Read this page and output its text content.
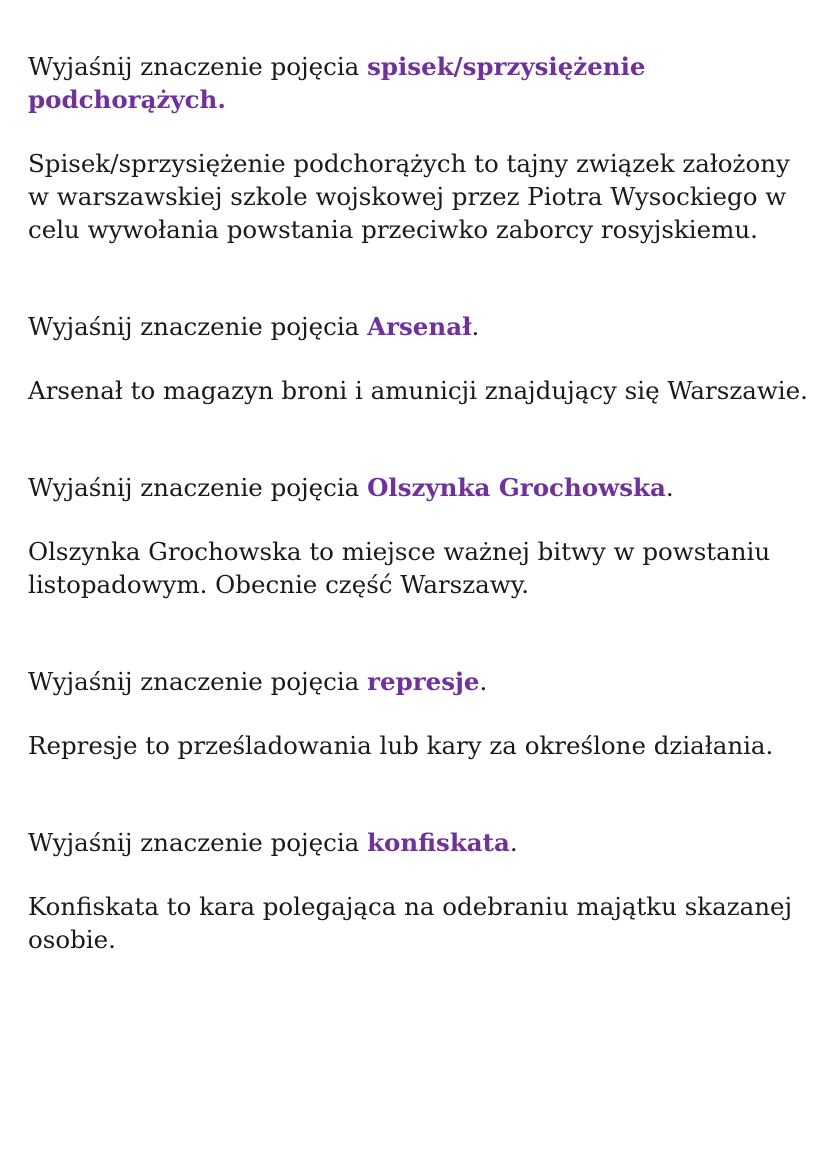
Wyjaśnij znaczenie pojęcia spisek/sprzysiężenie podchorążych.

Spisek/sprzysiężenie podchorążych to tajny związek założony w warszawskiej szkole wojskowej przez Piotra Wysockiego w celu wywołania powstania przeciwko zaborcy rosyjskiemu.

Wyjaśnij znaczenie pojęcia Arsenał.

Arsenał to magazyn broni i amunicji znajdujący się Warszawie.

Wyjaśnij znaczenie pojęcia Olszynka Grochowska.

Olszynka Grochowska to miejsce ważnej bitwy w powstaniu listopadowym. Obecnie część Warszawy.

Wyjaśnij znaczenie pojęcia represje.

Represje to prześladowania lub kary za określone działania.

Wyjaśnij znaczenie pojęcia konfiskata.

Konfiskata to kara polegająca na odebraniu majątku skazanej osobie.
